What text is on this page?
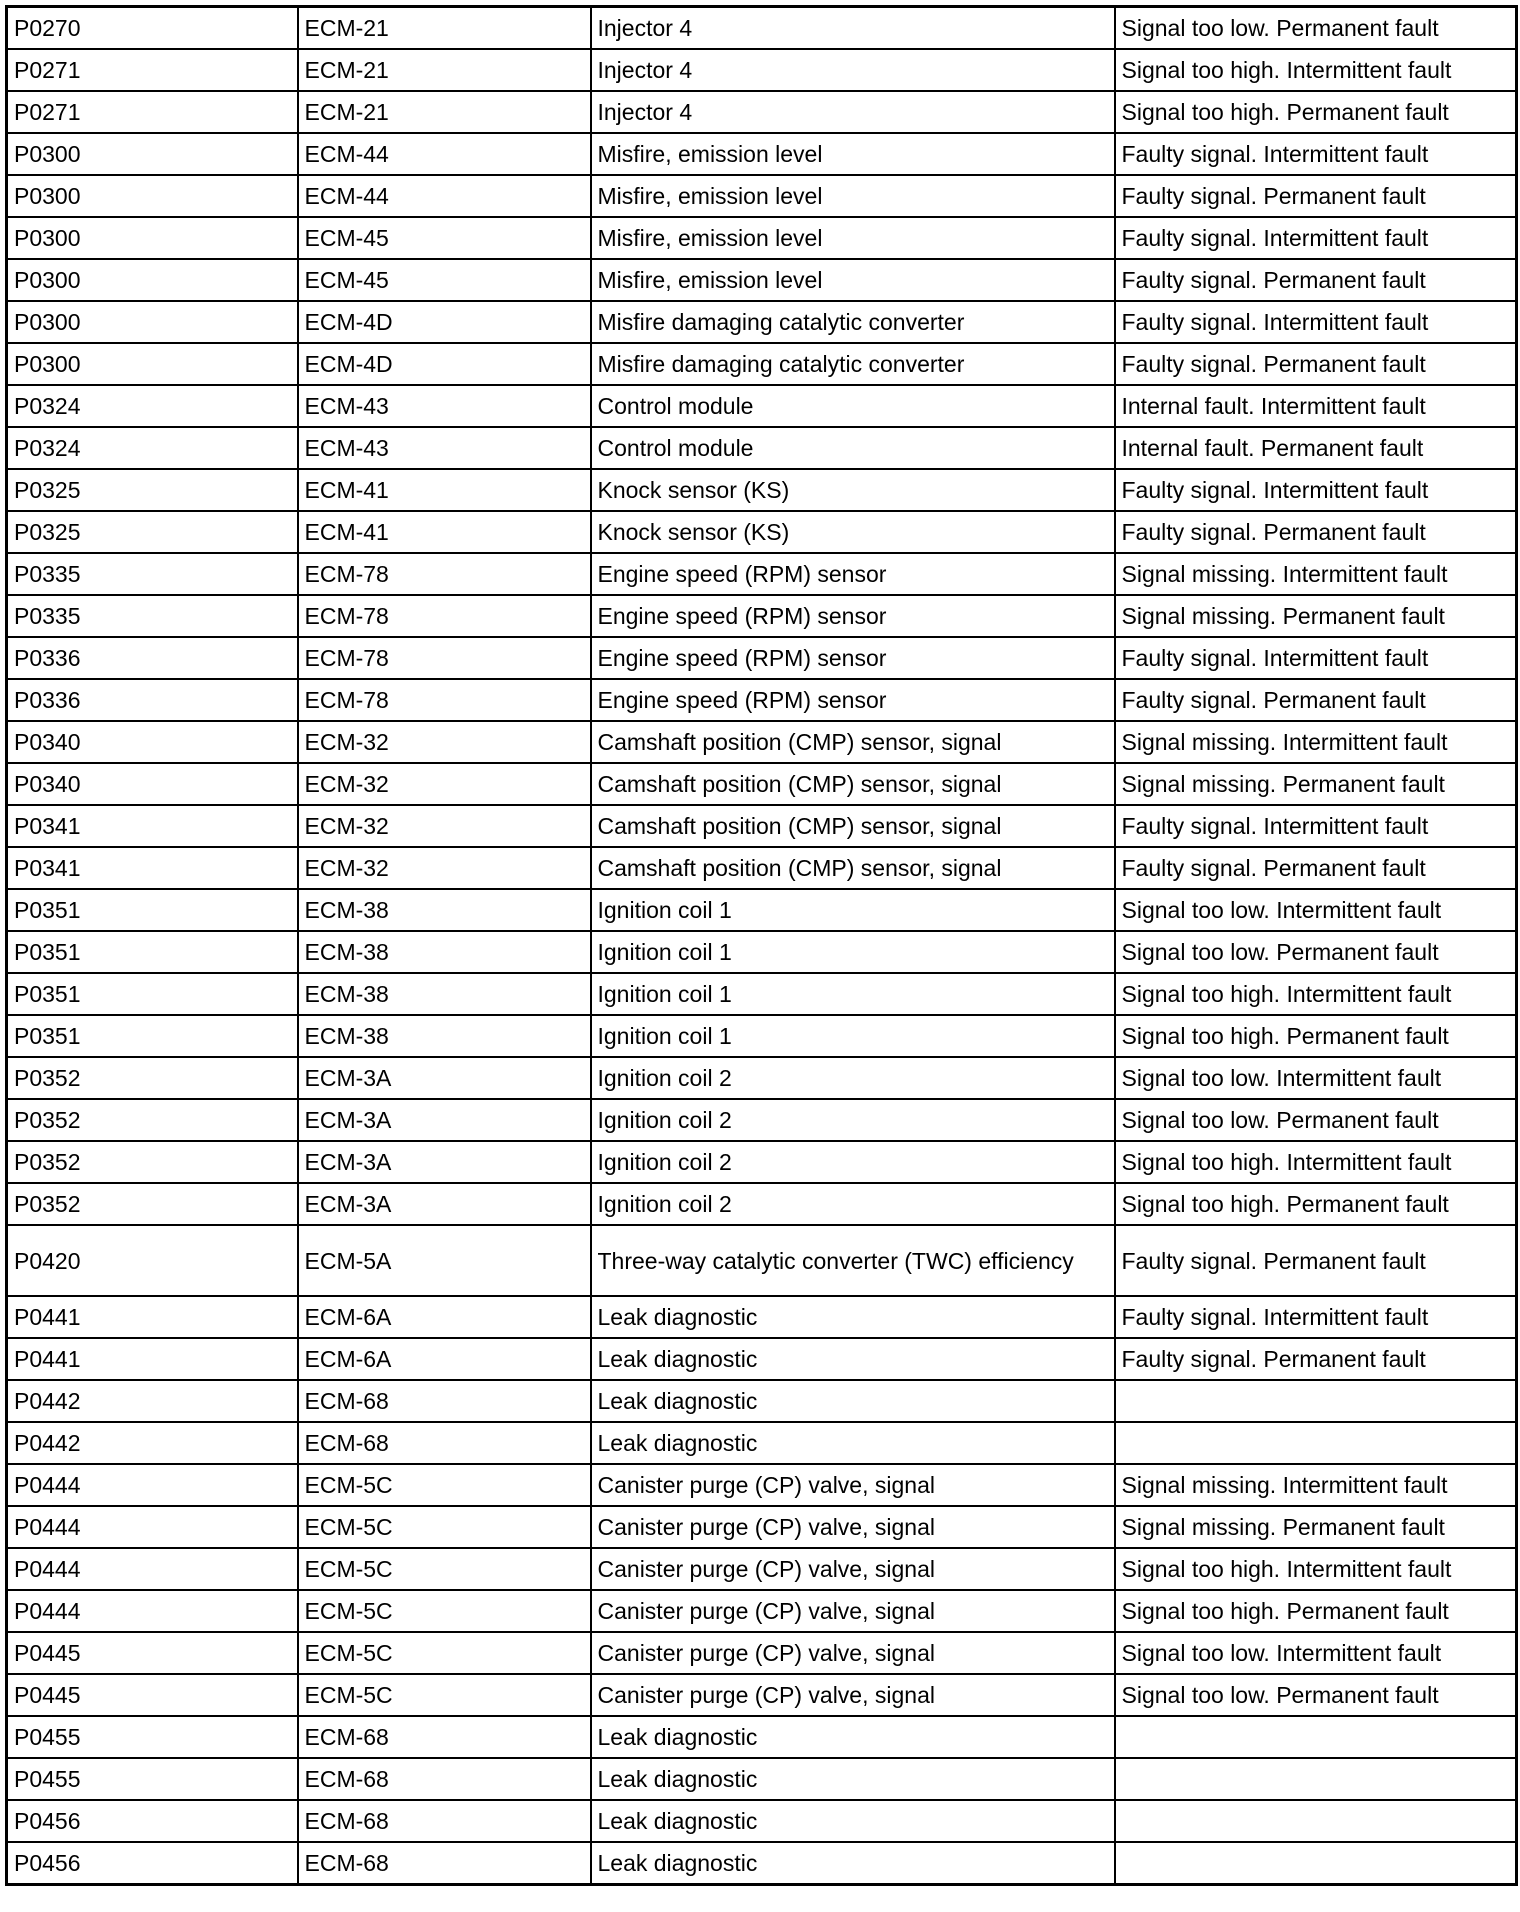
P0270	ECM-21	Injector 4	Signal too low. Permanent fault
P0271	ECM-21	Injector 4	Signal too high. Intermittent fault
P0271	ECM-21	Injector 4	Signal too high. Permanent fault
P0300	ECM-44	Misfire, emission level	Faulty signal. Intermittent fault
P0300	ECM-44	Misfire, emission level	Faulty signal. Permanent fault
P0300	ECM-45	Misfire, emission level	Faulty signal. Intermittent fault
P0300	ECM-45	Misfire, emission level	Faulty signal. Permanent fault
P0300	ECM-4D	Misfire damaging catalytic converter	Faulty signal. Intermittent fault
P0300	ECM-4D	Misfire damaging catalytic converter	Faulty signal. Permanent fault
P0324	ECM-43	Control module	Internal fault. Intermittent fault
P0324	ECM-43	Control module	Internal fault. Permanent fault
P0325	ECM-41	Knock sensor (KS)	Faulty signal. Intermittent fault
P0325	ECM-41	Knock sensor (KS)	Faulty signal. Permanent fault
P0335	ECM-78	Engine speed (RPM) sensor	Signal missing. Intermittent fault
P0335	ECM-78	Engine speed (RPM) sensor	Signal missing. Permanent fault
P0336	ECM-78	Engine speed (RPM) sensor	Faulty signal. Intermittent fault
P0336	ECM-78	Engine speed (RPM) sensor	Faulty signal. Permanent fault
P0340	ECM-32	Camshaft position (CMP) sensor, signal	Signal missing. Intermittent fault
P0340	ECM-32	Camshaft position (CMP) sensor, signal	Signal missing. Permanent fault
P0341	ECM-32	Camshaft position (CMP) sensor, signal	Faulty signal. Intermittent fault
P0341	ECM-32	Camshaft position (CMP) sensor, signal	Faulty signal. Permanent fault
P0351	ECM-38	Ignition coil 1	Signal too low. Intermittent fault
P0351	ECM-38	Ignition coil 1	Signal too low. Permanent fault
P0351	ECM-38	Ignition coil 1	Signal too high. Intermittent fault
P0351	ECM-38	Ignition coil 1	Signal too high. Permanent fault
P0352	ECM-3A	Ignition coil 2	Signal too low. Intermittent fault
P0352	ECM-3A	Ignition coil 2	Signal too low. Permanent fault
P0352	ECM-3A	Ignition coil 2	Signal too high. Intermittent fault
P0352	ECM-3A	Ignition coil 2	Signal too high. Permanent fault
P0420	ECM-5A	Three-way catalytic converter (TWC) efficiency	Faulty signal. Permanent fault
P0441	ECM-6A	Leak diagnostic	Faulty signal. Intermittent fault
P0441	ECM-6A	Leak diagnostic	Faulty signal. Permanent fault
P0442	ECM-68	Leak diagnostic	
P0442	ECM-68	Leak diagnostic	
P0444	ECM-5C	Canister purge (CP) valve, signal	Signal missing. Intermittent fault
P0444	ECM-5C	Canister purge (CP) valve, signal	Signal missing. Permanent fault
P0444	ECM-5C	Canister purge (CP) valve, signal	Signal too high. Intermittent fault
P0444	ECM-5C	Canister purge (CP) valve, signal	Signal too high. Permanent fault
P0445	ECM-5C	Canister purge (CP) valve, signal	Signal too low. Intermittent fault
P0445	ECM-5C	Canister purge (CP) valve, signal	Signal too low. Permanent fault
P0455	ECM-68	Leak diagnostic	
P0455	ECM-68	Leak diagnostic	
P0456	ECM-68	Leak diagnostic	
P0456	ECM-68	Leak diagnostic	
